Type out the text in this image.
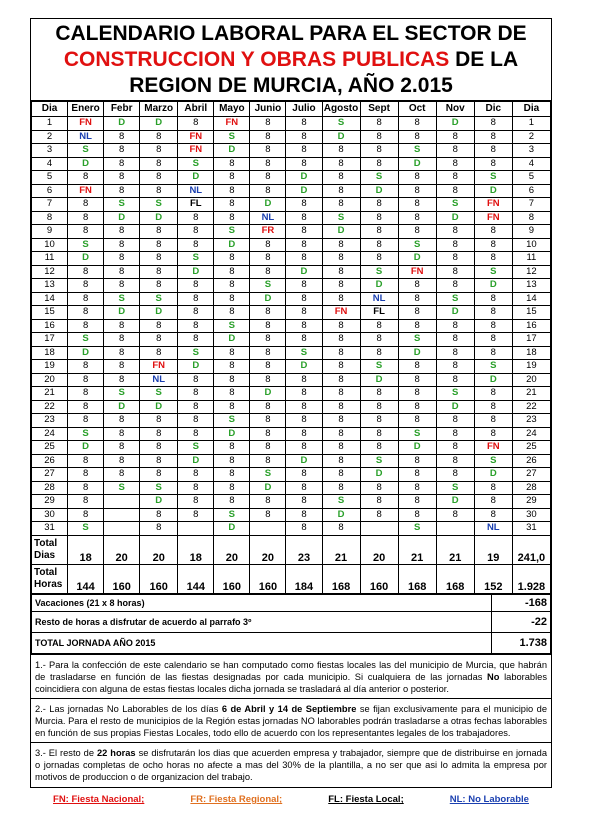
CALENDARIO LABORAL PARA EL SECTOR DE
CONSTRUCCION Y OBRAS PUBLICAS DE LA
REGION DE MURCIA, AÑO 2.015
Dia	Enero	Febr	Marzo	Abril	Mayo	Junio	Julio	Agosto	Sept	Oct	Nov	Dic	Dia
1	FN	D	D	8	FN	8	8	S	8	8	D	8	1
2	NL	8	8	FN	S	8	8	D	8	8	8	8	2
3	S	8	8	FN	D	8	8	8	8	S	8	8	3
4	D	8	8	S	8	8	8	8	8	D	8	8	4
5	8	8	8	D	8	8	D	8	S	8	8	S	5
6	FN	8	8	NL	8	8	D	8	D	8	8	D	6
7	8	S	S	FL	8	D	8	8	8	8	S	FN	7
8	8	D	D	8	8	NL	8	S	8	8	D	FN	8
9	8	8	8	8	S	FR	8	D	8	8	8	8	9
10	S	8	8	8	D	8	8	8	8	S	8	8	10
11	D	8	8	S	8	8	8	8	8	D	8	8	11
12	8	8	8	D	8	8	D	8	S	FN	8	S	12
13	8	8	8	8	8	S	8	8	D	8	8	D	13
14	8	S	S	8	8	D	8	8	NL	8	S	8	14
15	8	D	D	8	8	8	8	FN	FL	8	D	8	15
16	8	8	8	8	S	8	8	8	8	8	8	8	16
17	S	8	8	8	D	8	8	8	8	S	8	8	17
18	D	8	8	S	8	8	S	8	8	D	8	8	18
19	8	8	FN	D	8	8	D	8	S	8	8	S	19
20	8	8	NL	8	8	8	8	8	D	8	8	D	20
21	8	S	S	8	8	D	8	8	8	8	S	8	21
22	8	D	D	8	8	8	8	8	8	8	D	8	22
23	8	8	8	8	S	8	8	8	8	8	8	8	23
24	S	8	8	8	D	8	8	8	8	S	8	8	24
25	D	8	8	S	8	8	8	8	8	D	8	FN	25
26	8	8	8	D	8	8	D	8	S	8	8	S	26
27	8	8	8	8	8	S	8	8	D	8	8	D	27
28	8	S	S	8	8	D	8	8	8	8	S	8	28
29	8		D	8	8	8	8	S	8	8	D	8	29
30	8		8	8	S	8	8	D	8	8	8	8	30
31	S		8		D		8	8		S		NL	31

Total
Dias	18	20	20	18	20	20	23	21	20	21	21	19	241,0

Total
Horas	144	160	160	144	160	160	184	168	160	168	168	152	1.928
Vacaciones (21 x 8 horas)	-168
Resto de horas a disfrutar de acuerdo al parrafo 3º	-22
TOTAL JORNADA AÑO 2015	1.738
1.- Para la confección de este calendario se han computado como fiestas locales las del municipio de Murcia, que habrán de trasladarse en función de las fiestas designadas por cada municipio. Si cualquiera de las jornadas No laborables coincidiera con alguna de estas fiestas locales dicha jornada se trasladará al día anterior o posterior.
2.- Las jornadas No Laborables de los días 6 de Abril y 14 de Septiembre se fijan exclusivamente para el municipio de Murcia. Para el resto de municipios de la Región estas jornadas NO laborables podrán trasladarse a otras fechas laborables en función de sus propias Fiestas Locales, todo ello de acuerdo con los representantes legales de los trabajadores.
3.- El resto de 22 horas se disfrutarán los dias que acuerden empresa y trabajador, siempre que de distribuirse en jornada o jornadas completas de ocho horas no afecte a mas del 30% de la plantilla, a no ser que asi lo admita la empresa por motivos de produccion o de organizacion del trabajo.
FN: Fiesta Nacional;	FR: Fiesta Regional;	FL: Fiesta Local;	NL: No Laborable
